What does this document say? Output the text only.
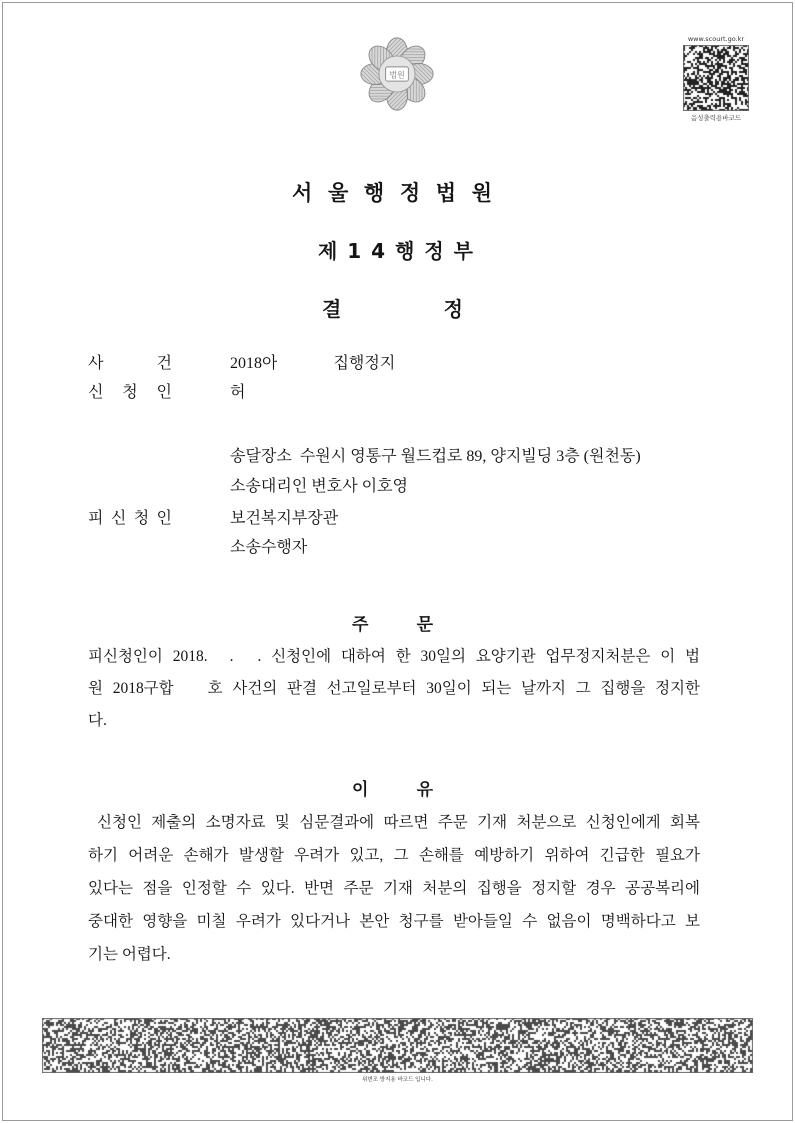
법원
www.scourt.go.kr
음성출력용바코드
서 울 행 정 법 원
제 1 4 행 정 부
결 정
사 건	2018아	집행정지
신 청 인	허
송달장소 수원시 영통구 월드컵로 89, 양지빌딩 3층 (원천동)
소송대리인 변호사 이호영
피 신 청 인	보건복지부장관
소송수행자
주 문
피신청인이 2018. . . 신청인에 대하여 한 30일의 요양기관 업무정지처분은 이 법
원 2018구합 호 사건의 판결 선고일로부터 30일이 되는 날까지 그 집행을 정지한
다.
이 유
신청인 제출의 소명자료 및 심문결과에 따르면 주문 기재 처분으로 신청인에게 회복
하기 어려운 손해가 발생할 우려가 있고, 그 손해를 예방하기 위하여 긴급한 필요가
있다는 점을 인정할 수 있다. 반면 주문 기재 처분의 집행을 정지할 경우 공공복리에
중대한 영향을 미칠 우려가 있다거나 본안 청구를 받아들일 수 없음이 명백하다고 보
기는 어렵다.
위변조 방지용 바코드 입니다.
